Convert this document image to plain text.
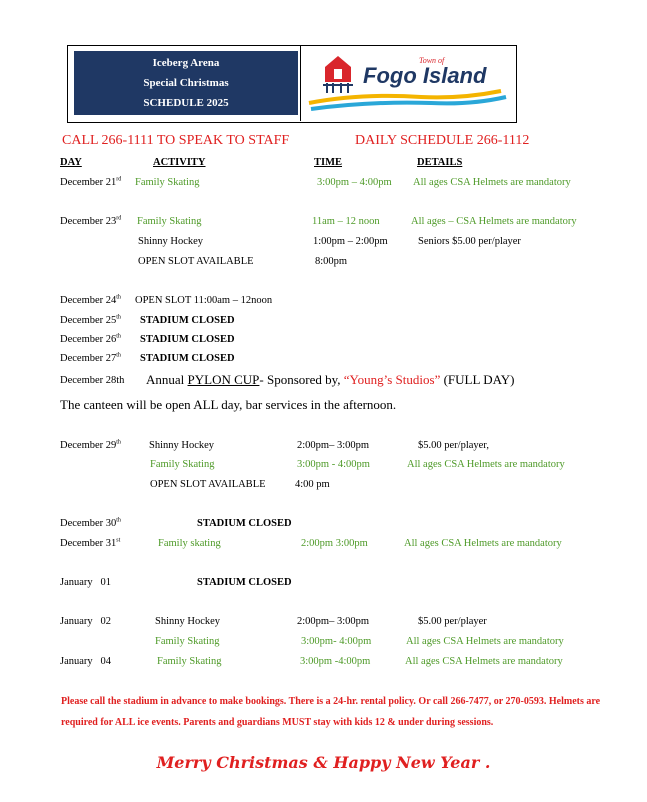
Iceberg Arena
Special Christmas
SCHEDULE 2025
Town of
Fogo Island
CALL 266-1111 TO SPEAK TO STAFF	DAILY SCHEDULE 266-1112
DAY	ACTIVITY	TIME	DETAILS
December 21rd Family Skating	3:00pm – 4:00pm All ages CSA Helmets are mandatory
December 23rd Family Skating	11am – 12 noon	All ages – CSA Helmets are mandatory
Shinny Hockey	1:00pm – 2:00pm	Seniors $5.00 per/player
OPEN SLOT AVAILABLE	8:00pm
December 24th OPEN SLOT 11:00am – 12noon
December 25th STADIUM CLOSED
December 26th STADIUM CLOSED
December 27th STADIUM CLOSED
December 28th Annual PYLON CUP- Sponsored by, “Young’s Studios” (FULL DAY)
The canteen will be open ALL day, bar services in the afternoon.
December 29th	Shinny Hockey	2:00pm– 3:00pm	$5.00 per/player,
Family Skating	3:00pm - 4:00pm	All ages CSA Helmets are mandatory
OPEN SLOT AVAILABLE	4:00 pm
December 30th	STADIUM CLOSED
December 31st	Family skating	2:00pm 3:00pm	All ages CSA Helmets are mandatory
January   01	STADIUM CLOSED
January   02	Shinny Hockey	2:00pm– 3:00pm	$5.00 per/player
Family Skating	3:00pm- 4:00pm	All ages CSA Helmets are mandatory
January   04	Family Skating	3:00pm -4:00pm	All ages CSA Helmets are mandatory
Please call the stadium in advance to make bookings. There is a 24-hr. rental policy. Or call 266-7477, or 270-0593. Helmets are required for ALL ice events. Parents and guardians MUST stay with kids 12 & under during sessions.
Merry Christmas & Happy New Year .
